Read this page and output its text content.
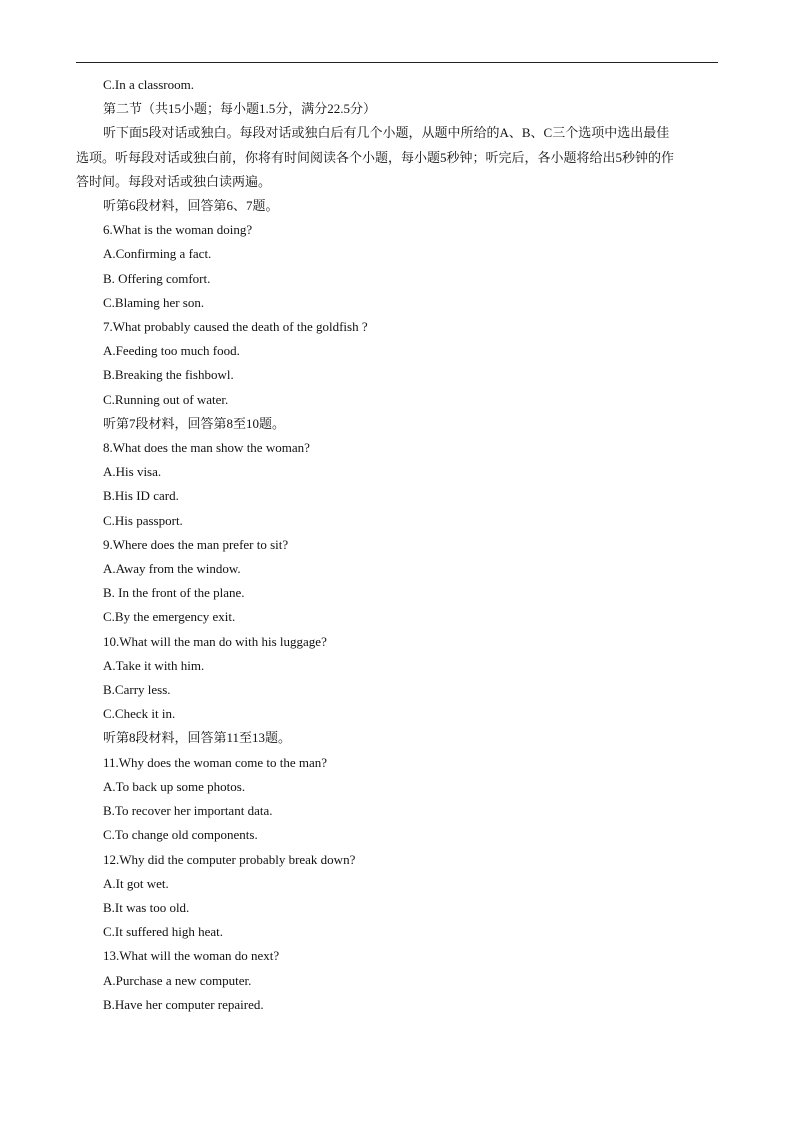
C.In a classroom.
第二节（共15小题；每小题1.5分，满分22.5分）
听下面5段对话或独白。每段对话或独白后有几个小题，从题中所给的A、B、C三个选项中选出最佳
选项。听每段对话或独白前，你将有时间阅读各个小题，每小题5秒钟；听完后，各小题将给出5秒钟的作
答时间。每段对话或独白读两遍。
听第6段材料，回答第6、7题。
6.What is the woman doing?
A.Confirming a fact.
B. Offering comfort.
C.Blaming her son.
7.What probably caused the death of the goldfish ?
A.Feeding too much food.
B.Breaking the fishbowl.
C.Running out of water.
听第7段材料，回答第8至10题。
8.What does the man show the woman?
A.His visa.
B.His ID card.
C.His passport.
9.Where does the man prefer to sit?
A.Away from the window.
B. In the front of the plane.
C.By the emergency exit.
10.What will the man do with his luggage?
A.Take it with him.
B.Carry less.
C.Check it in.
听第8段材料，回答第11至13题。
11.Why does the woman come to the man?
A.To back up some photos.
B.To recover her important data.
C.To change old components.
12.Why did the computer probably break down?
A.It got wet.
B.It was too old.
C.It suffered high heat.
13.What will the woman do next?
A.Purchase a new computer.
B.Have her computer repaired.
